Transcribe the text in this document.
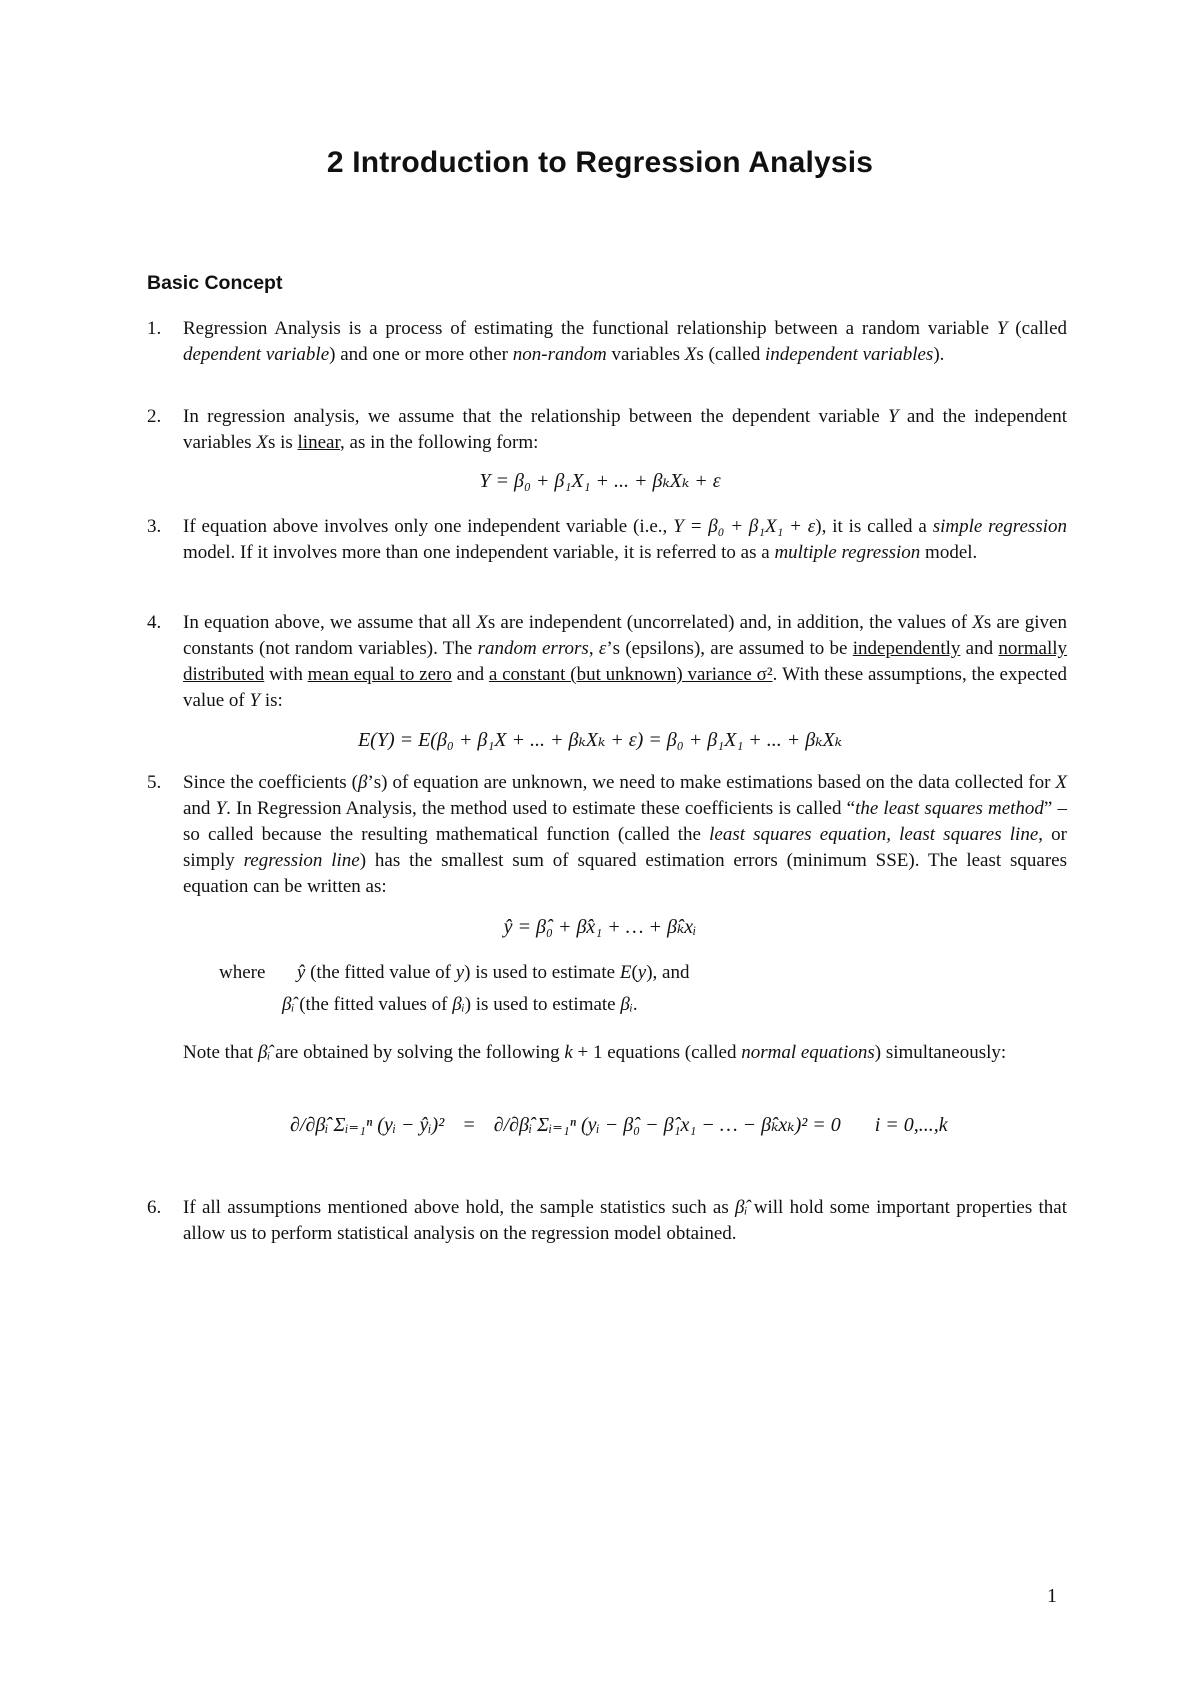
2 Introduction to Regression Analysis
Basic Concept
1. Regression Analysis is a process of estimating the functional relationship between a random variable Y (called dependent variable) and one or more other non-random variables Xs (called independent variables).
2. In regression analysis, we assume that the relationship between the dependent variable Y and the independent variables Xs is linear, as in the following form:
Y = β₀ + β₁X₁ + ... + βₖXₖ + ε
3. If equation above involves only one independent variable (i.e., Y = β₀ + β₁X₁ + ε), it is called a simple regression model. If it involves more than one independent variable, it is referred to as a multiple regression model.
4. In equation above, we assume that all Xs are independent (uncorrelated) and, in addition, the values of Xs are given constants (not random variables). The random errors, ε’s (epsilons), are assumed to be independently and normally distributed with mean equal to zero and a constant (but unknown) variance σ². With these assumptions, the expected value of Y is:
E(Y) = E(β₀ + β₁X + ... + βₖXₖ + ε) = β₀ + β₁X₁ + ... + βₖXₖ
5. Since the coefficients (β’s) of equation are unknown, we need to make estimations based on the data collected for X and Y. In Regression Analysis, the method used to estimate these coefficients is called “the least squares method” – so called because the resulting mathematical function (called the least squares equation, least squares line, or simply regression line) has the smallest sum of squared estimation errors (minimum SSE). The least squares equation can be written as:
ŷ = β̂₀ + β̂x₁ + … + β̂ₖxᵢ
where ŷ (the fitted value of y) is used to estimate E(y), and
β̂ᵢ (the fitted values of βᵢ) is used to estimate βᵢ.
Note that β̂ᵢ are obtained by solving the following k + 1 equations (called normal equations) simultaneously:
∂/∂β̂ᵢ Σᵢ₌₁ⁿ (yᵢ − ŷᵢ)² = ∂/∂β̂ᵢ Σᵢ₌₁ⁿ (yᵢ − β̂₀ − β̂₁x₁ − … − β̂ₖxₖ)² = 0 i = 0,...,k
6. If all assumptions mentioned above hold, the sample statistics such as β̂ᵢ will hold some important properties that allow us to perform statistical analysis on the regression model obtained.
1
